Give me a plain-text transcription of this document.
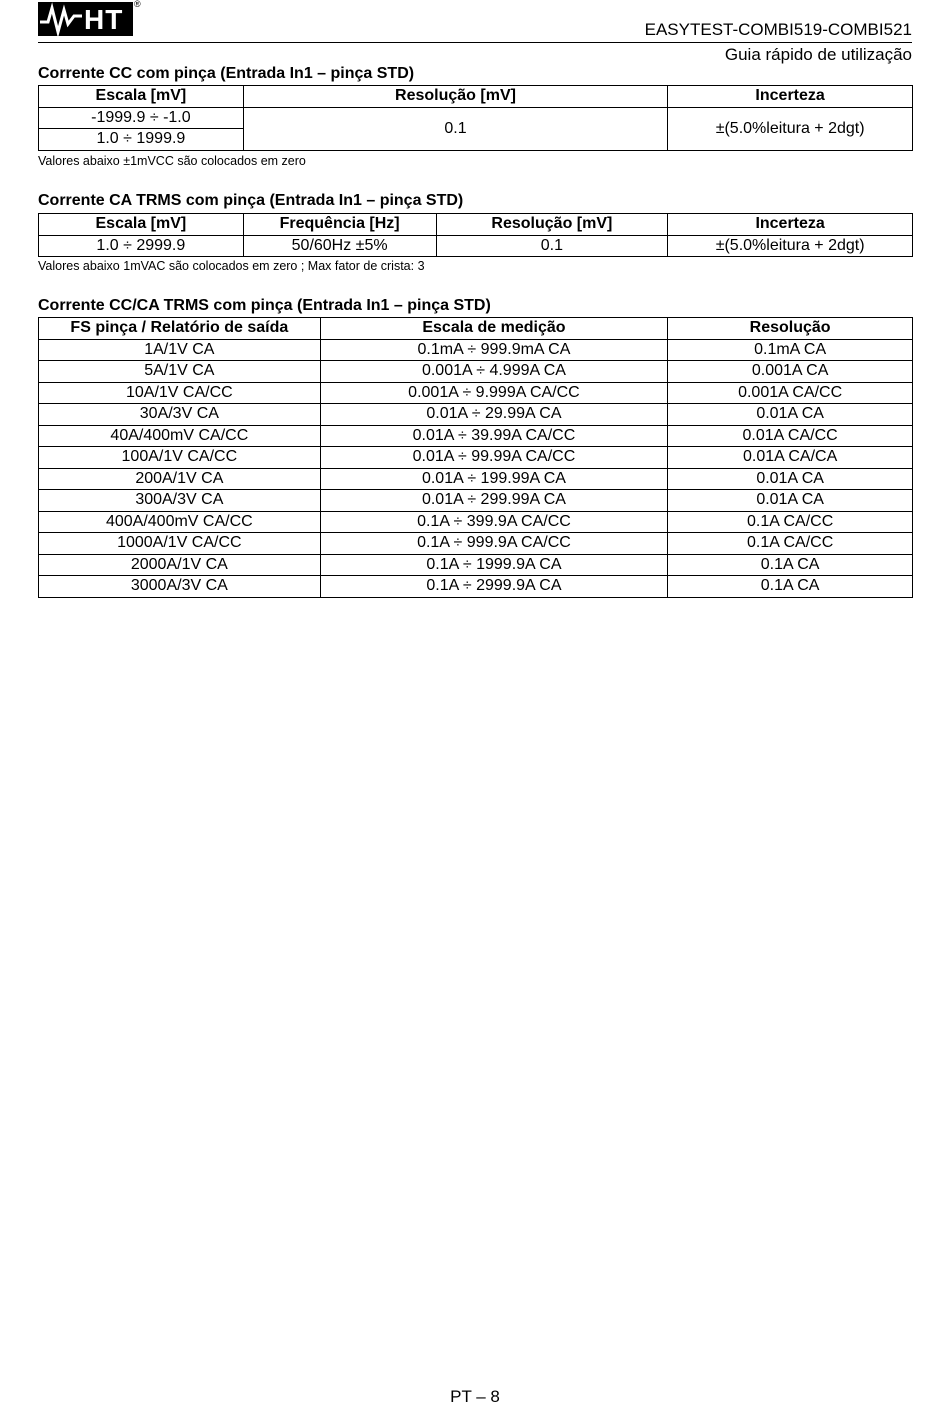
HT ®
EASYTEST-COMBI519-COMBI521
Guia rápido de utilização
Corrente CC com pinça (Entrada In1 – pinça STD)
Escala [mV]	Resolução [mV]	Incerteza
-1999.9 ÷ -1.0	0.1	±(5.0%leitura + 2dgt)
1.0 ÷ 1999.9		
Valores abaixo ±1mVCC são colocados em zero
Corrente CA TRMS com pinça (Entrada In1 – pinça STD)
Escala [mV]	Frequência [Hz]	Resolução [mV]	Incerteza
1.0 ÷ 2999.9	50/60Hz ±5%	0.1	±(5.0%leitura + 2dgt)
Valores abaixo 1mVAC são colocados em zero ; Max fator de crista: 3
Corrente CC/CA TRMS com pinça (Entrada In1 – pinça STD)
FS pinça / Relatório de saída	Escala de medição	Resolução
1A/1V CA	0.1mA ÷ 999.9mA CA	0.1mA CA
5A/1V CA	0.001A ÷ 4.999A CA	0.001A CA
10A/1V CA/CC	0.001A ÷ 9.999A CA/CC	0.001A CA/CC
30A/3V CA	0.01A ÷ 29.99A CA	0.01A CA
40A/400mV CA/CC	0.01A ÷ 39.99A CA/CC	0.01A CA/CC
100A/1V CA/CC	0.01A ÷ 99.99A CA/CC	0.01A CA/CA
200A/1V CA	0.01A ÷ 199.99A CA	0.01A CA
300A/3V CA	0.01A ÷ 299.99A CA	0.01A CA
400A/400mV CA/CC	0.1A ÷ 399.9A CA/CC	0.1A CA/CC
1000A/1V CA/CC	0.1A ÷ 999.9A CA/CC	0.1A CA/CC
2000A/1V CA	0.1A ÷ 1999.9A CA	0.1A CA
3000A/3V CA	0.1A ÷ 2999.9A CA	0.1A CA
PT – 8
